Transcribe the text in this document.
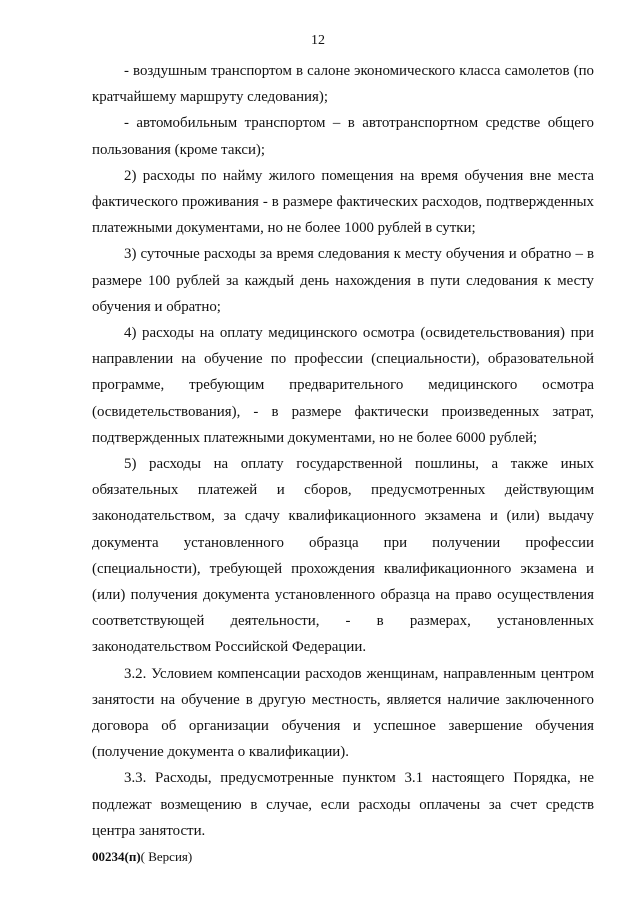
12

- воздушным транспортом в салоне экономического класса самолетов (по кратчайшему маршруту следования);

- автомобильным транспортом – в автотранспортном средстве общего пользования (кроме такси);

2) расходы по найму жилого помещения на время обучения вне места фактического проживания - в размере фактических расходов, подтвержденных платежными документами, но не более 1000 рублей в сутки;

3) суточные расходы за время следования к месту обучения и обратно – в размере 100 рублей за каждый день нахождения в пути следования к месту обучения и обратно;

4) расходы на оплату медицинского осмотра (освидетельствования) при направлении на обучение по профессии (специальности), образовательной программе, требующим предварительного медицинского осмотра (освидетельствования), - в размере фактически произведенных затрат, подтвержденных платежными документами, но не более 6000 рублей;

5) расходы на оплату государственной пошлины, а также иных обязательных платежей и сборов, предусмотренных действующим законодательством, за сдачу квалификационного экзамена и (или) выдачу документа установленного образца при получении профессии (специальности), требующей прохождения квалификационного экзамена и (или) получения документа установленного образца на право осуществления соответствующей деятельности, - в размерах, установленных законодательством Российской Федерации.

3.2. Условием компенсации расходов женщинам, направленным центром занятости на обучение в другую местность, является наличие заключенного договора об организации обучения и успешное завершение обучения (получение документа о квалификации).

3.3. Расходы, предусмотренные пунктом 3.1 настоящего Порядка, не подлежат возмещению в случае, если расходы оплачены за счет средств центра занятости.

00234(п)( Версия)
